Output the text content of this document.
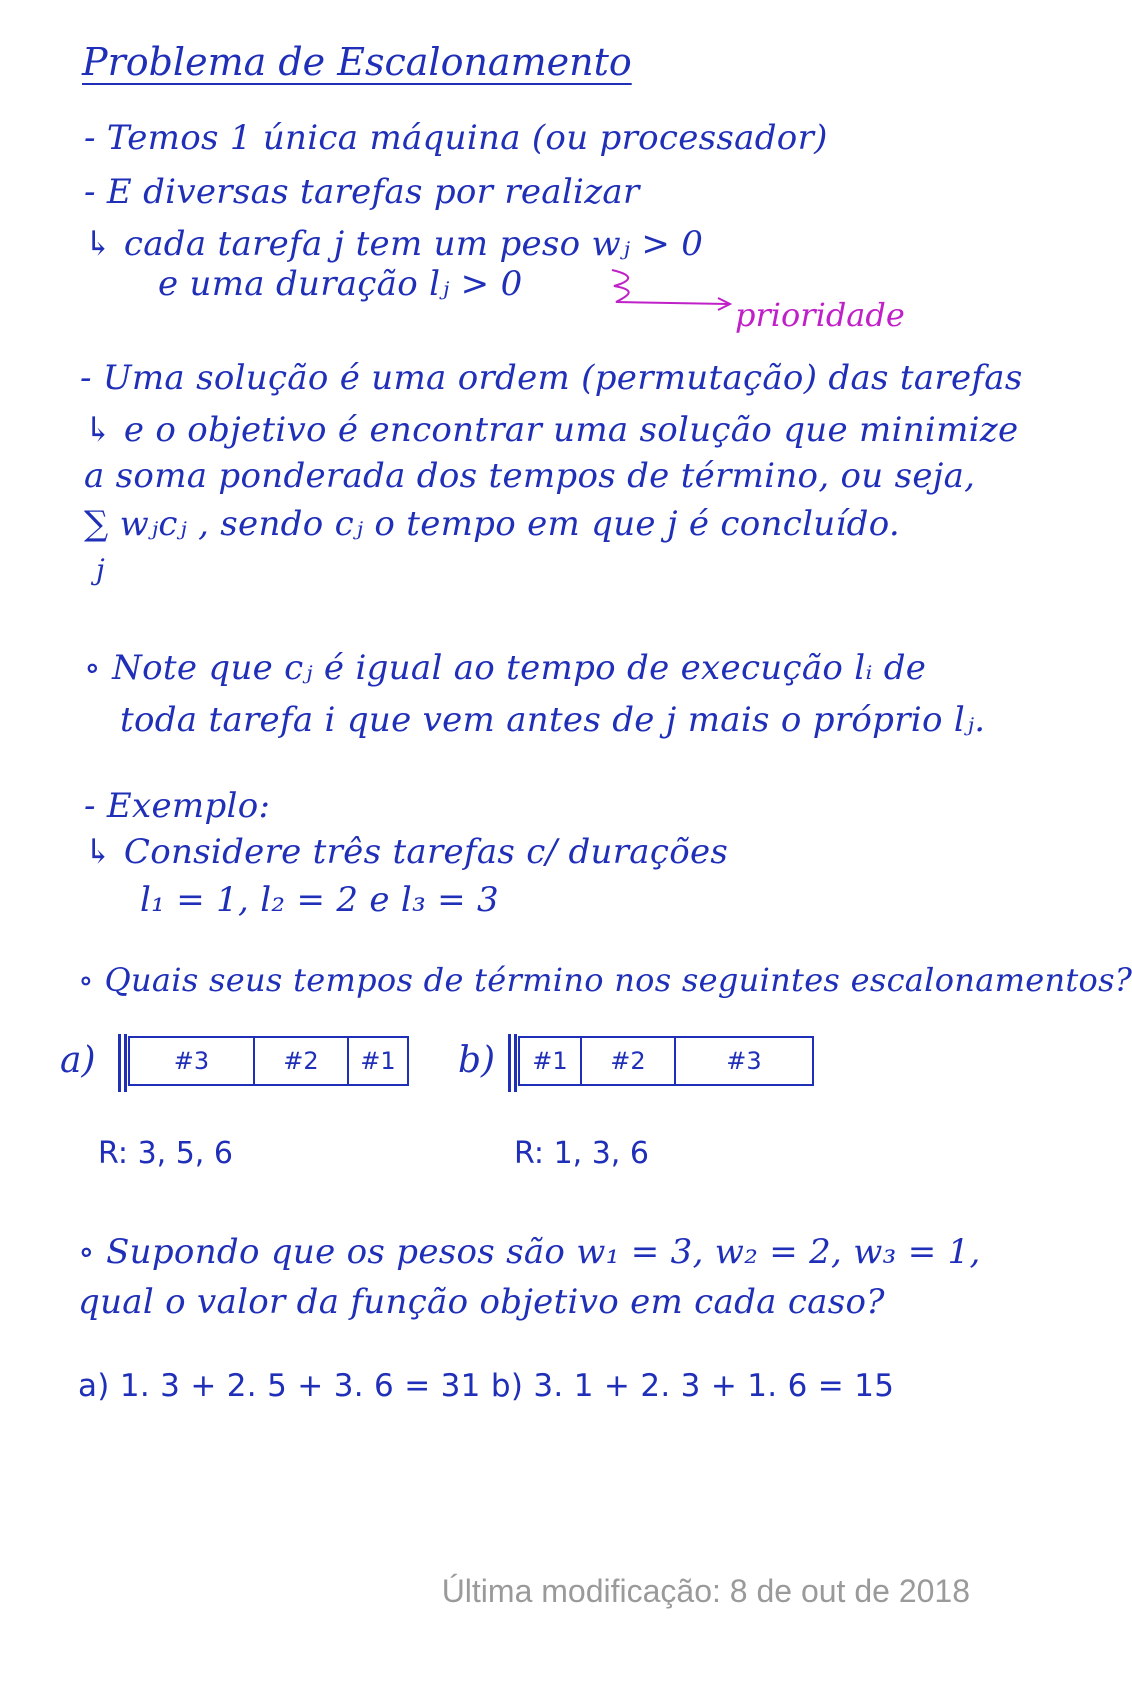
Problema de Escalonamento
- Temos 1 única máquina (ou processador)
- E diversas tarefas por realizar
↳ cada tarefa j tem um peso wⱼ > 0
e uma duração lⱼ > 0
prioridade
- Uma solução é uma ordem (permutação) das tarefas
↳ e o objetivo é encontrar uma solução que minimize
a soma ponderada dos tempos de término, ou seja,
∑ wⱼcⱼ , sendo cⱼ o tempo em que j é concluído.
j
∘ Note que cⱼ é igual ao tempo de execução lᵢ de
toda tarefa i que vem antes de j mais o próprio lⱼ.
- Exemplo:
↳ Considere três tarefas c/ durações
l₁ = 1, l₂ = 2 e l₃ = 3
∘ Quais seus tempos de término nos seguintes escalonamentos?
a)	#3	#2	#1
R: 3, 5, 6
b)	#1	#2	#3
R: 1, 3, 6
∘ Supondo que os pesos são w₁ = 3, w₂ = 2, w₃ = 1,
qual o valor da função objetivo em cada caso?
a) 1. 3 + 2. 5 + 3. 6 = 31 b) 3. 1 + 2. 3 + 1. 6 = 15
Última modificação: 8 de out de 2018
